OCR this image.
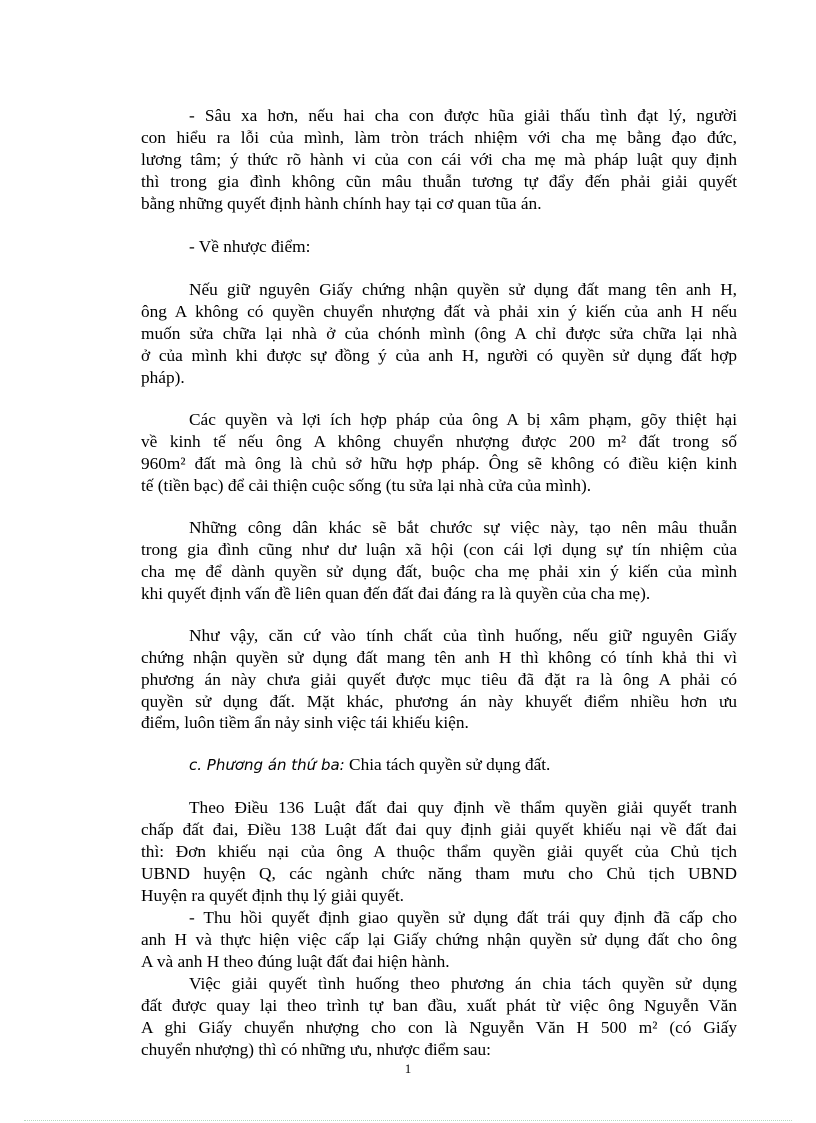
- Sâu xa hơn, nếu hai cha con được hũa giải thấu tình đạt lý, người
con hiểu ra lỗi của mình, làm tròn trách nhiệm với cha mẹ bằng đạo đức,
lương tâm; ý thức rõ hành vi của con cái với cha mẹ mà pháp luật quy định
thì trong gia đình không cũn mâu thuẫn tương tự đẩy đến phải giải quyết
bằng những quyết định hành chính hay tại cơ quan tũa án.
- Về nhược điểm:
Nếu giữ nguyên Giấy chứng nhận quyền sử dụng đất mang tên anh H,
ông A không có quyền chuyển nhượng đất và phải xin ý kiến của anh H nếu
muốn sửa chữa lại nhà ở của chónh mình (ông A chỉ được sửa chữa lại nhà
ở của mình khi được sự đồng ý của anh H, người có quyền sử dụng đất hợp
pháp).
Các quyền và lợi ích hợp pháp của ông A bị xâm phạm, gõy thiệt hại
về kinh tế nếu ông A không chuyển nhượng được 200 m² đất trong số
960m² đất mà ông là chủ sở hữu hợp pháp. Ông sẽ không có điều kiện kinh
tế (tiền bạc) để cải thiện cuộc sống (tu sửa lại nhà cửa của mình).
Những công dân khác sẽ bắt chước sự việc này, tạo nên mâu thuẫn
trong gia đình cũng như dư luận xã hội (con cái lợi dụng sự tín nhiệm của
cha mẹ để dành quyền sử dụng đất, buộc cha mẹ phải xin ý kiến của mình
khi quyết định vấn đề liên quan đến đất đai đáng ra là quyền của cha mẹ).
Như vậy, căn cứ vào tính chất của tình huống, nếu giữ nguyên Giấy
chứng nhận quyền sử dụng đất mang tên anh H thì không có tính khả thi vì
phương án này chưa giải quyết được mục tiêu đã đặt ra là ông A phải có
quyền sử dụng đất. Mặt khác, phương án này khuyết điểm nhiều hơn ưu
điểm, luôn tiềm ẩn nảy sinh việc tái khiếu kiện.
c. Phương án thứ ba: Chia tách quyền sử dụng đất.
Theo Điều 136 Luật đất đai quy định về thẩm quyền giải quyết tranh
chấp đất đai, Điều 138 Luật đất đai quy định giải quyết khiếu nại về đất đai
thì: Đơn khiếu nại của ông A thuộc thẩm quyền giải quyết của Chủ tịch
UBND huyện Q, các ngành chức năng tham mưu cho Chủ tịch UBND
Huyện ra quyết định thụ lý giải quyết.
- Thu hồi quyết định giao quyền sử dụng đất trái quy định đã cấp cho
anh H và thực hiện việc cấp lại Giấy chứng nhận quyền sử dụng đất cho ông
A và anh H theo đúng luật đất đai hiện hành.
Việc giải quyết tình huống theo phương án chia tách quyền sử dụng
đất được quay lại theo trình tự ban đầu, xuất phát từ việc ông Nguyễn Văn
A ghi Giấy chuyển nhượng cho con là Nguyễn Văn H 500 m² (có Giấy
chuyển nhượng) thì có những ưu, nhược điểm sau:
1
